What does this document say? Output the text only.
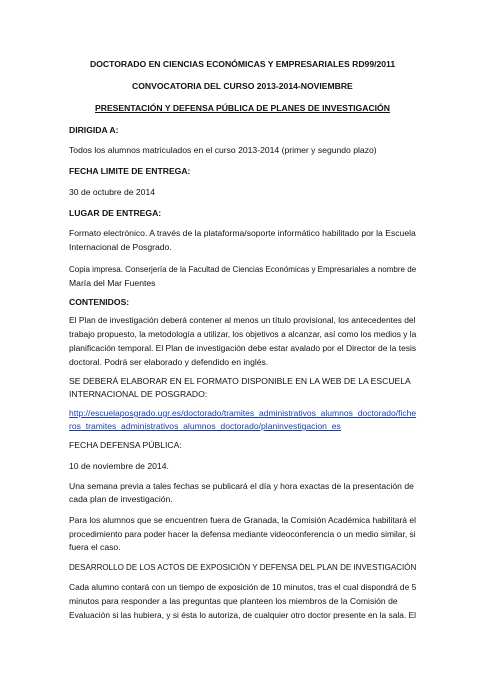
DOCTORADO EN CIENCIAS ECONÓMICAS Y EMPRESARIALES RD99/2011
CONVOCATORIA DEL CURSO 2013-2014-NOVIEMBRE
PRESENTACIÓN Y DEFENSA PÚBLICA DE PLANES DE INVESTIGACIÓN
DIRIGIDA A:
Todos los alumnos matriculados en el curso 2013-2014 (primer y segundo plazo)
FECHA LIMITE DE ENTREGA:
30 de octubre de 2014
LUGAR DE ENTREGA:
Formato electrónico. A través de la plataforma/soporte informático habilitado por la Escuela
Internacional de Posgrado.
Copia impresa. Conserjería de la Facultad de Ciencias Económicas y Empresariales a nombre de
María del Mar Fuentes
CONTENIDOS:
El Plan de investigación deberá contener al menos un título provisional, los antecedentes del
trabajo propuesto, la metodología a utilizar, los objetivos a alcanzar, así como los medios y la
planificación temporal. El Plan de investigación debe estar avalado por el Director de la tesis
doctoral. Podrá ser elaborado y defendido en inglés.
SE DEBERÁ ELABORAR EN EL FORMATO DISPONIBLE EN LA WEB DE LA ESCUELA
INTERNACIONAL DE POSGRADO:
http://escuelaposgrado.ugr.es/doctorado/tramites_administrativos_alumnos_doctorado/fiche
ros_tramites_administrativos_alumnos_doctorado/planinvestigacion_es
FECHA DEFENSA PÚBLICA:
10 de noviembre de 2014.
Una semana previa a tales fechas se publicará el día y hora exactas de la presentación de
cada plan de investigación.
Para los alumnos que se encuentren fuera de Granada, la Comisión Académica habilitará el
procedimiento para poder hacer la defensa mediante videoconferencia o un medio similar, si
fuera el caso.
DESARROLLO DE LOS ACTOS DE EXPOSICIÓN Y DEFENSA DEL PLAN DE INVESTIGACIÓN
Cada alumno contará con un tiempo de exposición de 10 minutos, tras el cual dispondrá de 5
minutos para responder a las preguntas que planteen los miembros de la Comisión de
Evaluación si las hubiera, y si ésta lo autoriza, de cualquier otro doctor presente en la sala. El
